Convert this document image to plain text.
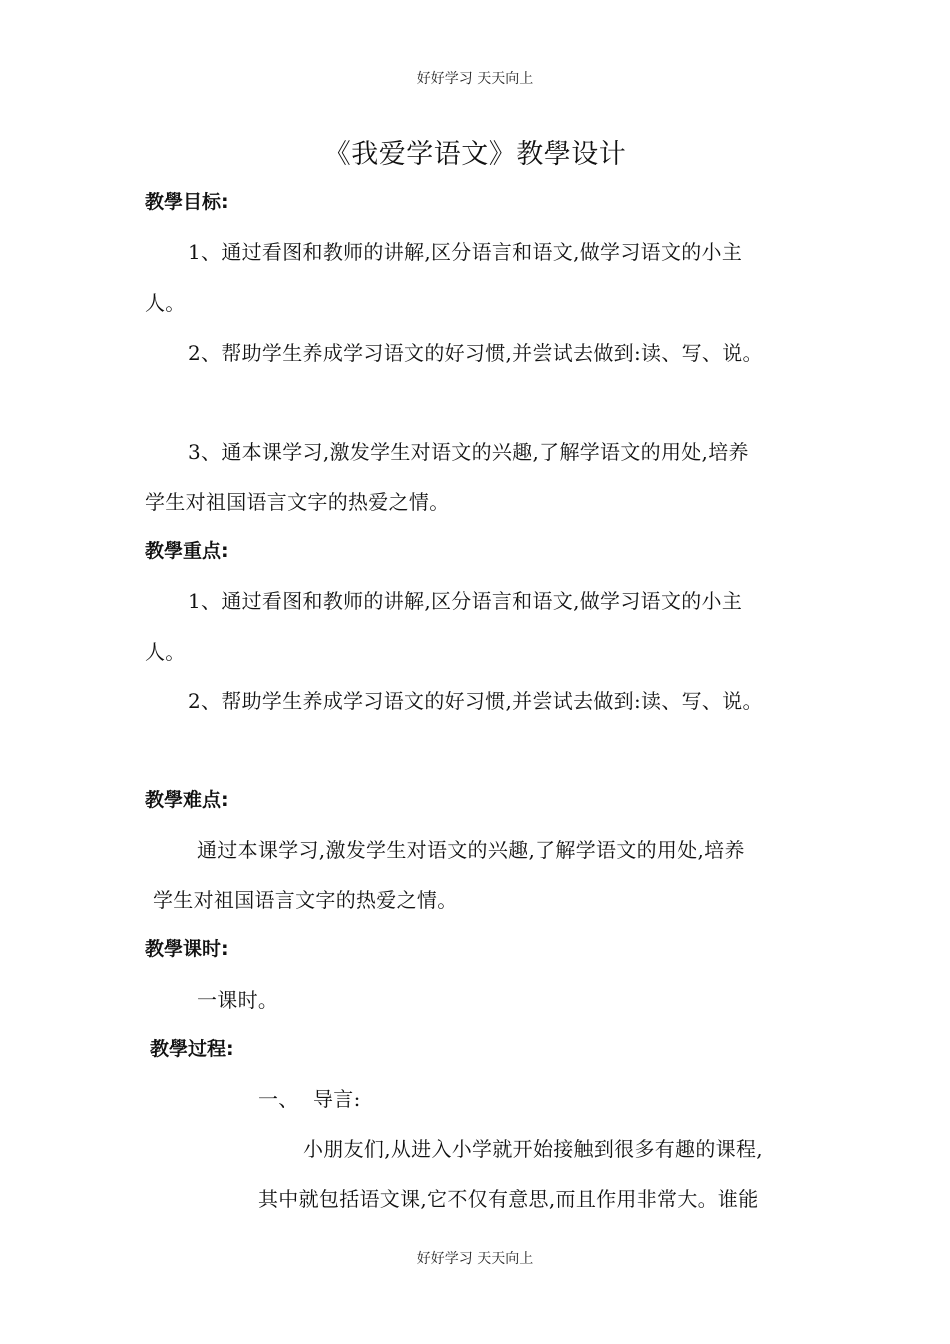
好好学习 天天向上
《我爱学语文》教學设计
教學目标:
1、通过看图和教师的讲解,区分语言和语文,做学习语文的小主
人。
2、帮助学生养成学习语文的好习惯,并尝试去做到:读、写、说。
3、通本课学习,激发学生对语文的兴趣,了解学语文的用处,培养
学生对祖国语言文字的热爱之情。
教學重点:
1、通过看图和教师的讲解,区分语言和语文,做学习语文的小主
人。
2、帮助学生养成学习语文的好习惯,并尝试去做到:读、写、说。
教學难点:
通过本课学习,激发学生对语文的兴趣,了解学语文的用处,培养
学生对祖国语言文字的热爱之情。
教學课时:
一课时。
教學过程:
一、 导言:
小朋友们,从进入小学就开始接触到很多有趣的课程,
其中就包括语文课,它不仅有意思,而且作用非常大。谁能
好好学习 天天向上
